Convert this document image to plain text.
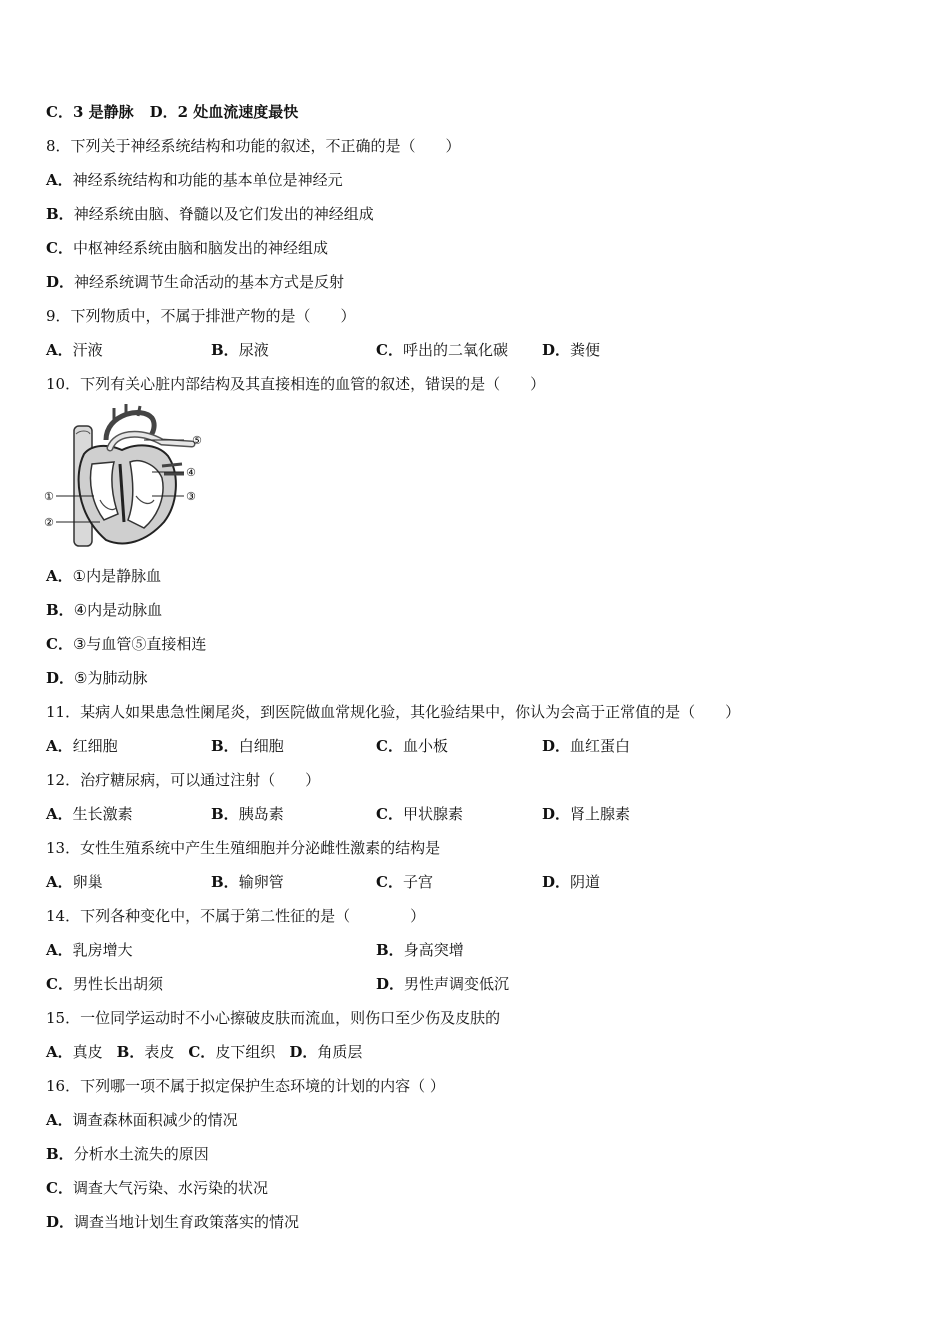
C．3 是静脉 D．2 处血流速度最快
8．下列关于神经系统结构和功能的叙述，不正确的是（　　）
A．神经系统结构和功能的基本单位是神经元
B．神经系统由脑、脊髓以及它们发出的神经组成
C．中枢神经系统由脑和脑发出的神经组成
D．神经系统调节生命活动的基本方式是反射
9．下列物质中，不属于排泄产物的是（　　）
A．汗液	B．尿液	C．呼出的二氧化碳 D．粪便
10．下列有关心脏内部结构及其直接相连的血管的叙述，错误的是（　　）
⑤
④
③
①
②
A．①内是静脉血
B．④内是动脉血
C．③与血管⑤直接相连
D．⑤为肺动脉
11．某病人如果患急性阑尾炎，到医院做血常规化验，其化验结果中，你认为会高于正常值的是（　　）
A．红细胞	B．白细胞	C．血小板	D．血红蛋白
12．治疗糖尿病，可以通过注射（　　）
A．生长激素	B．胰岛素	C．甲状腺素	D．肾上腺素
13．女性生殖系统中产生生殖细胞并分泌雌性激素的结构是
A．卵巢	B．输卵管	C．子宫	D．阴道
14．下列各种变化中，不属于第二性征的是（　　　　）
A．乳房增大	B．身高突增
C．男性长出胡须	D．男性声调变低沉
15．一位同学运动时不小心擦破皮肤而流血，则伤口至少伤及皮肤的
A．真皮 B．表皮 C．皮下组织 D．角质层
16．下列哪一项不属于拟定保护生态环境的计划的内容（ ）
A．调查森林面积减少的情况
B．分析水土流失的原因
C．调查大气污染、水污染的状况
D．调查当地计划生育政策落实的情况
